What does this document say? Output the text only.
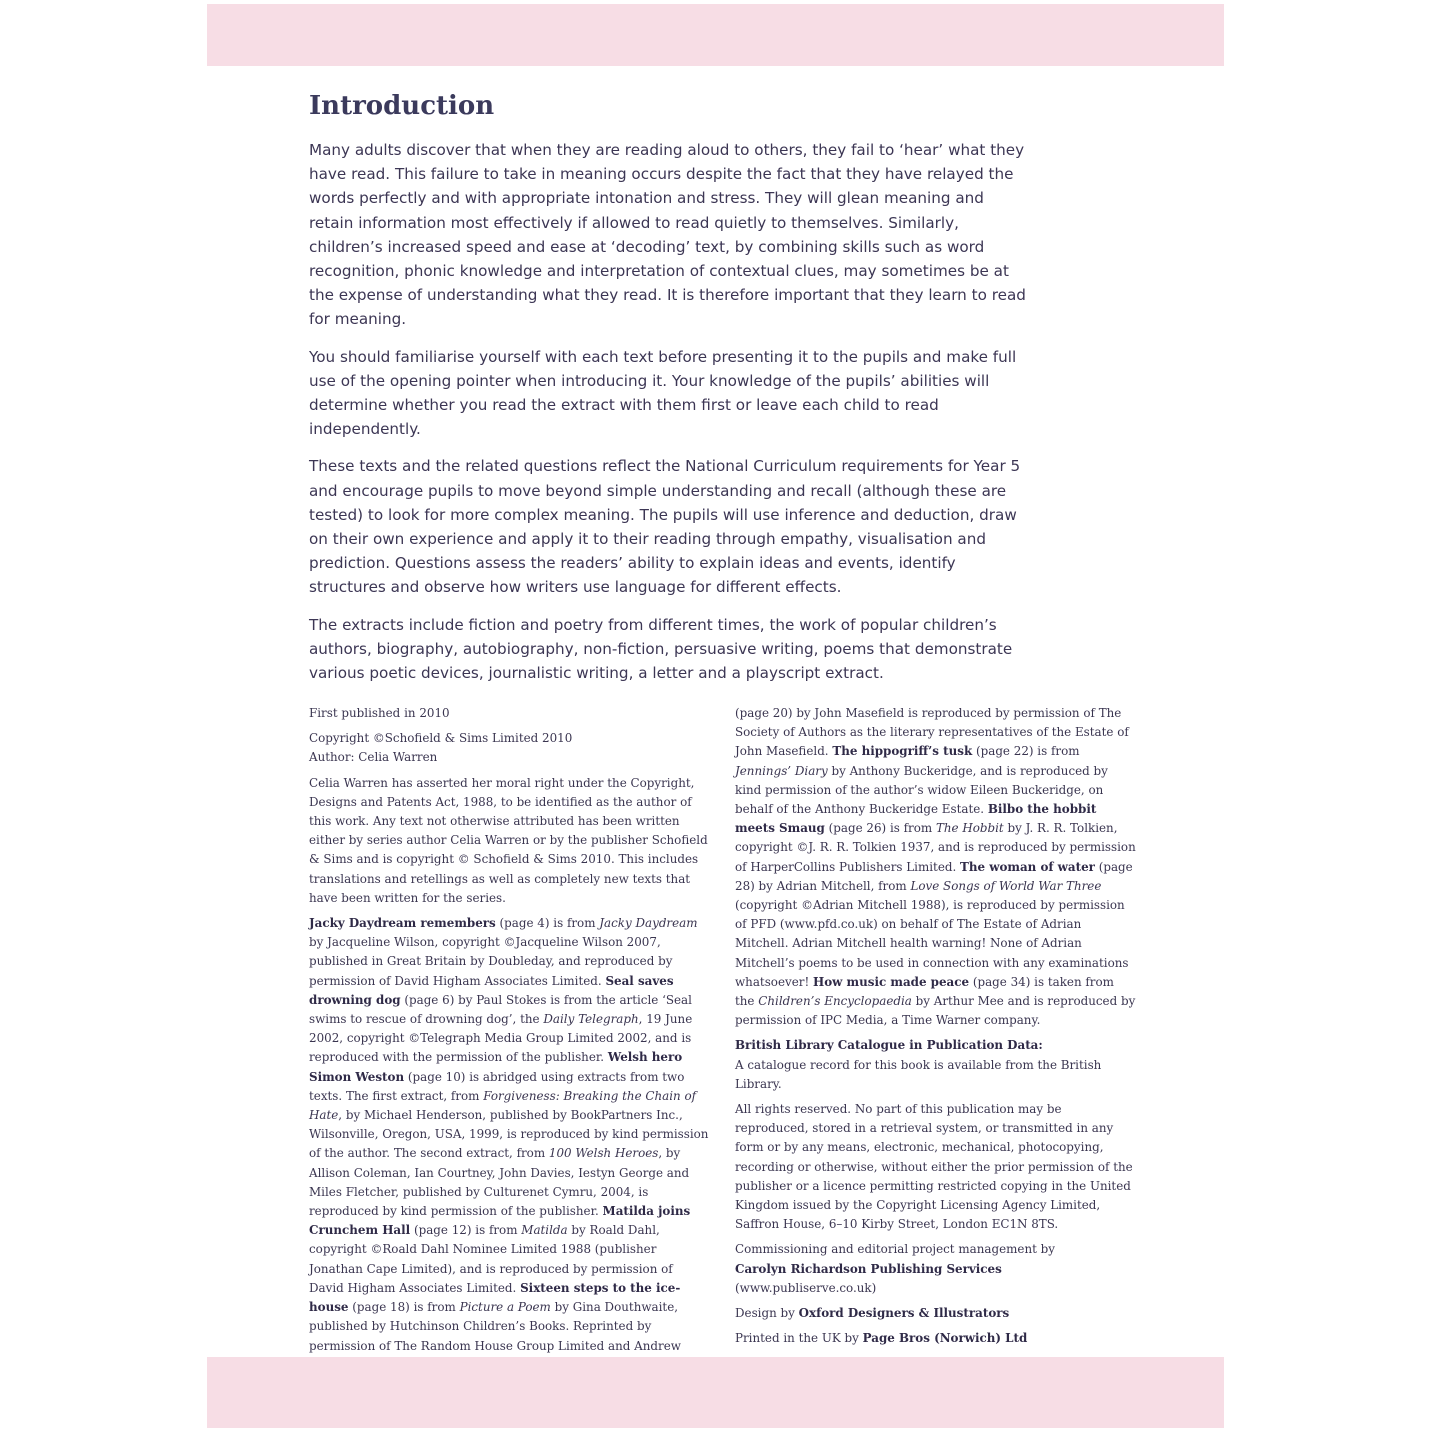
Introduction

Many adults discover that when they are reading aloud to others, they fail to ‘hear’ what they have read. This failure to take in meaning occurs despite the fact that they have relayed the words perfectly and with appropriate intonation and stress. They will glean meaning and retain information most effectively if allowed to read quietly to themselves. Similarly, children’s increased speed and ease at ‘decoding’ text, by combining skills such as word recognition, phonic knowledge and interpretation of contextual clues, may sometimes be at the expense of understanding what they read. It is therefore important that they learn to read for meaning.

You should familiarise yourself with each text before presenting it to the pupils and make full use of the opening pointer when introducing it. Your knowledge of the pupils’ abilities will determine whether you read the extract with them first or leave each child to read independently.

These texts and the related questions reflect the National Curriculum requirements for Year 5 and encourage pupils to move beyond simple understanding and recall (although these are tested) to look for more complex meaning. The pupils will use inference and deduction, draw on their own experience and apply it to their reading through empathy, visualisation and prediction. Questions assess the readers’ ability to explain ideas and events, identify structures and observe how writers use language for different effects.

The extracts include fiction and poetry from different times, the work of popular children’s authors, biography, autobiography, non-fiction, persuasive writing, poems that demonstrate various poetic devices, journalistic writing, a letter and a playscript extract.

First published in 2010

Copyright ©Schofield & Sims Limited 2010

Author: Celia Warren

Celia Warren has asserted her moral right under the Copyright, Designs and Patents Act, 1988, to be identified as the author of this work. Any text not otherwise attributed has been written either by series author Celia Warren or by the publisher Schofield & Sims and is copyright © Schofield & Sims 2010. This includes translations and retellings as well as completely new texts that have been written for the series.

Jacky Daydream remembers (page 4) is from Jacky Daydream by Jacqueline Wilson, copyright ©Jacqueline Wilson 2007, published in Great Britain by Doubleday, and reproduced by permission of David Higham Associates Limited. Seal saves drowning dog (page 6) by Paul Stokes is from the article ‘Seal swims to rescue of drowning dog’, the Daily Telegraph, 19 June 2002, copyright ©Telegraph Media Group Limited 2002, and is reproduced with the permission of the publisher. Welsh hero Simon Weston (page 10) is abridged using extracts from two texts. The first extract, from Forgiveness: Breaking the Chain of Hate, by Michael Henderson, published by BookPartners Inc., Wilsonville, Oregon, USA, 1999, is reproduced by kind permission of the author. The second extract, from 100 Welsh Heroes, by Allison Coleman, Ian Courtney, John Davies, Iestyn George and Miles Fletcher, published by Culturenet Cymru, 2004, is reproduced by kind permission of the publisher. Matilda joins Crunchem Hall (page 12) is from Matilda by Roald Dahl, copyright ©Roald Dahl Nominee Limited 1988 (publisher Jonathan Cape Limited), and is reproduced by permission of David Higham Associates Limited. Sixteen steps to the ice-house (page 18) is from Picture a Poem by Gina Douthwaite, published by Hutchinson Children’s Books. Reprinted by permission of The Random House Group Limited and Andrew

(page 20) by John Masefield is reproduced by permission of The Society of Authors as the literary representatives of the Estate of John Masefield. The hippogriff’s tusk (page 22) is from Jennings’ Diary by Anthony Buckeridge, and is reproduced by kind permission of the author’s widow Eileen Buckeridge, on behalf of the Anthony Buckeridge Estate. Bilbo the hobbit meets Smaug (page 26) is from The Hobbit by J. R. R. Tolkien, copyright ©J. R. R. Tolkien 1937, and is reproduced by permission of HarperCollins Publishers Limited. The woman of water (page 28) by Adrian Mitchell, from Love Songs of World War Three (copyright ©Adrian Mitchell 1988), is reproduced by permission of PFD (www.pfd.co.uk) on behalf of The Estate of Adrian Mitchell. Adrian Mitchell health warning! None of Adrian Mitchell’s poems to be used in connection with any examinations whatsoever! How music made peace (page 34) is taken from the Children’s Encyclopaedia by Arthur Mee and is reproduced by permission of IPC Media, a Time Warner company.

British Library Catalogue in Publication Data:

A catalogue record for this book is available from the British Library.

All rights reserved. No part of this publication may be reproduced, stored in a retrieval system, or transmitted in any form or by any means, electronic, mechanical, photocopying, recording or otherwise, without either the prior permission of the publisher or a licence permitting restricted copying in the United Kingdom issued by the Copyright Licensing Agency Limited, Saffron House, 6–10 Kirby Street, London EC1N 8TS.

Commissioning and editorial project management by

Carolyn Richardson Publishing Services

(www.publiserve.co.uk)

Design by Oxford Designers & Illustrators

Printed in the UK by Page Bros (Norwich) Ltd
